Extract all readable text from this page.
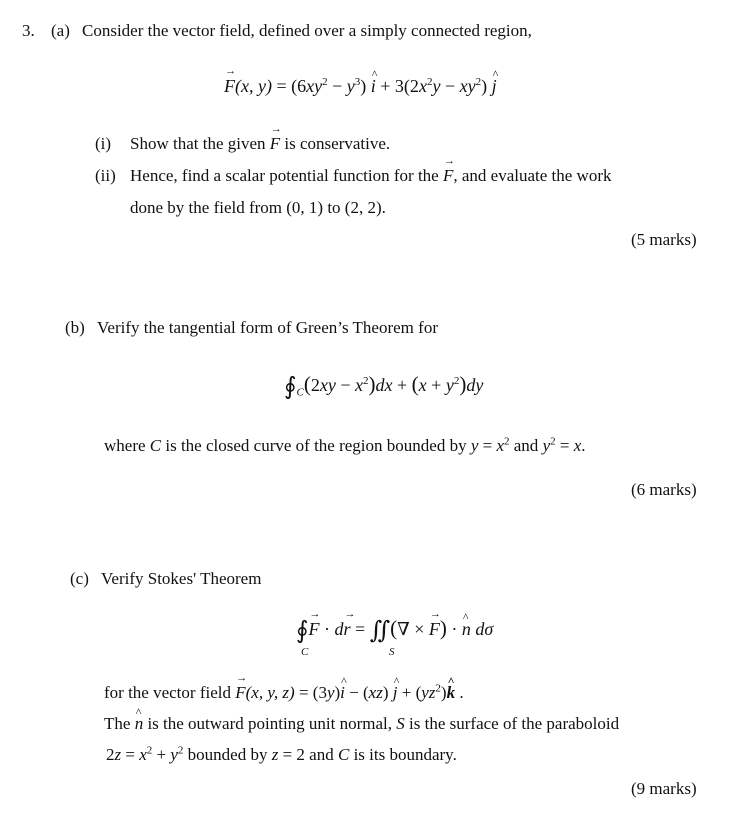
3. (a) Consider the vector field, defined over a simply connected region,
→ F(x, $y) = (6xy^2 - y^3)$ ^ $i + 3(2x^2y - xy^2)$ ^ j
(i) Show that the given → F is conservative.
(ii) Hence, find a scalar potential function for the → F, and evaluate the work
done by the field from (0, 1) to (2, 2).
(5 marks)
(b) Verify the tangential form of Green’s Theorem for
$∮_C(2xy - x^2)dx + (x + y^2)dy$
where C is the closed curve of the region bounded by $y = x^2$ and $y^2 = x$.
(6 marks)
(c) Verify Stokes' Theorem
∮→ F · d→ r = ∬(∇ × → F) · ^ n dσ
C	S
for the vector field → F(x, y, z) = (3y)^ i − (xz) ^ $j + (yz^2)\^{}$ k .
The ^ n is the outward pointing unit normal, S is the surface of the paraboloid
$2z = x^2 + y^2$ bounded by z = 2 and C is its boundary.
(9 marks)
